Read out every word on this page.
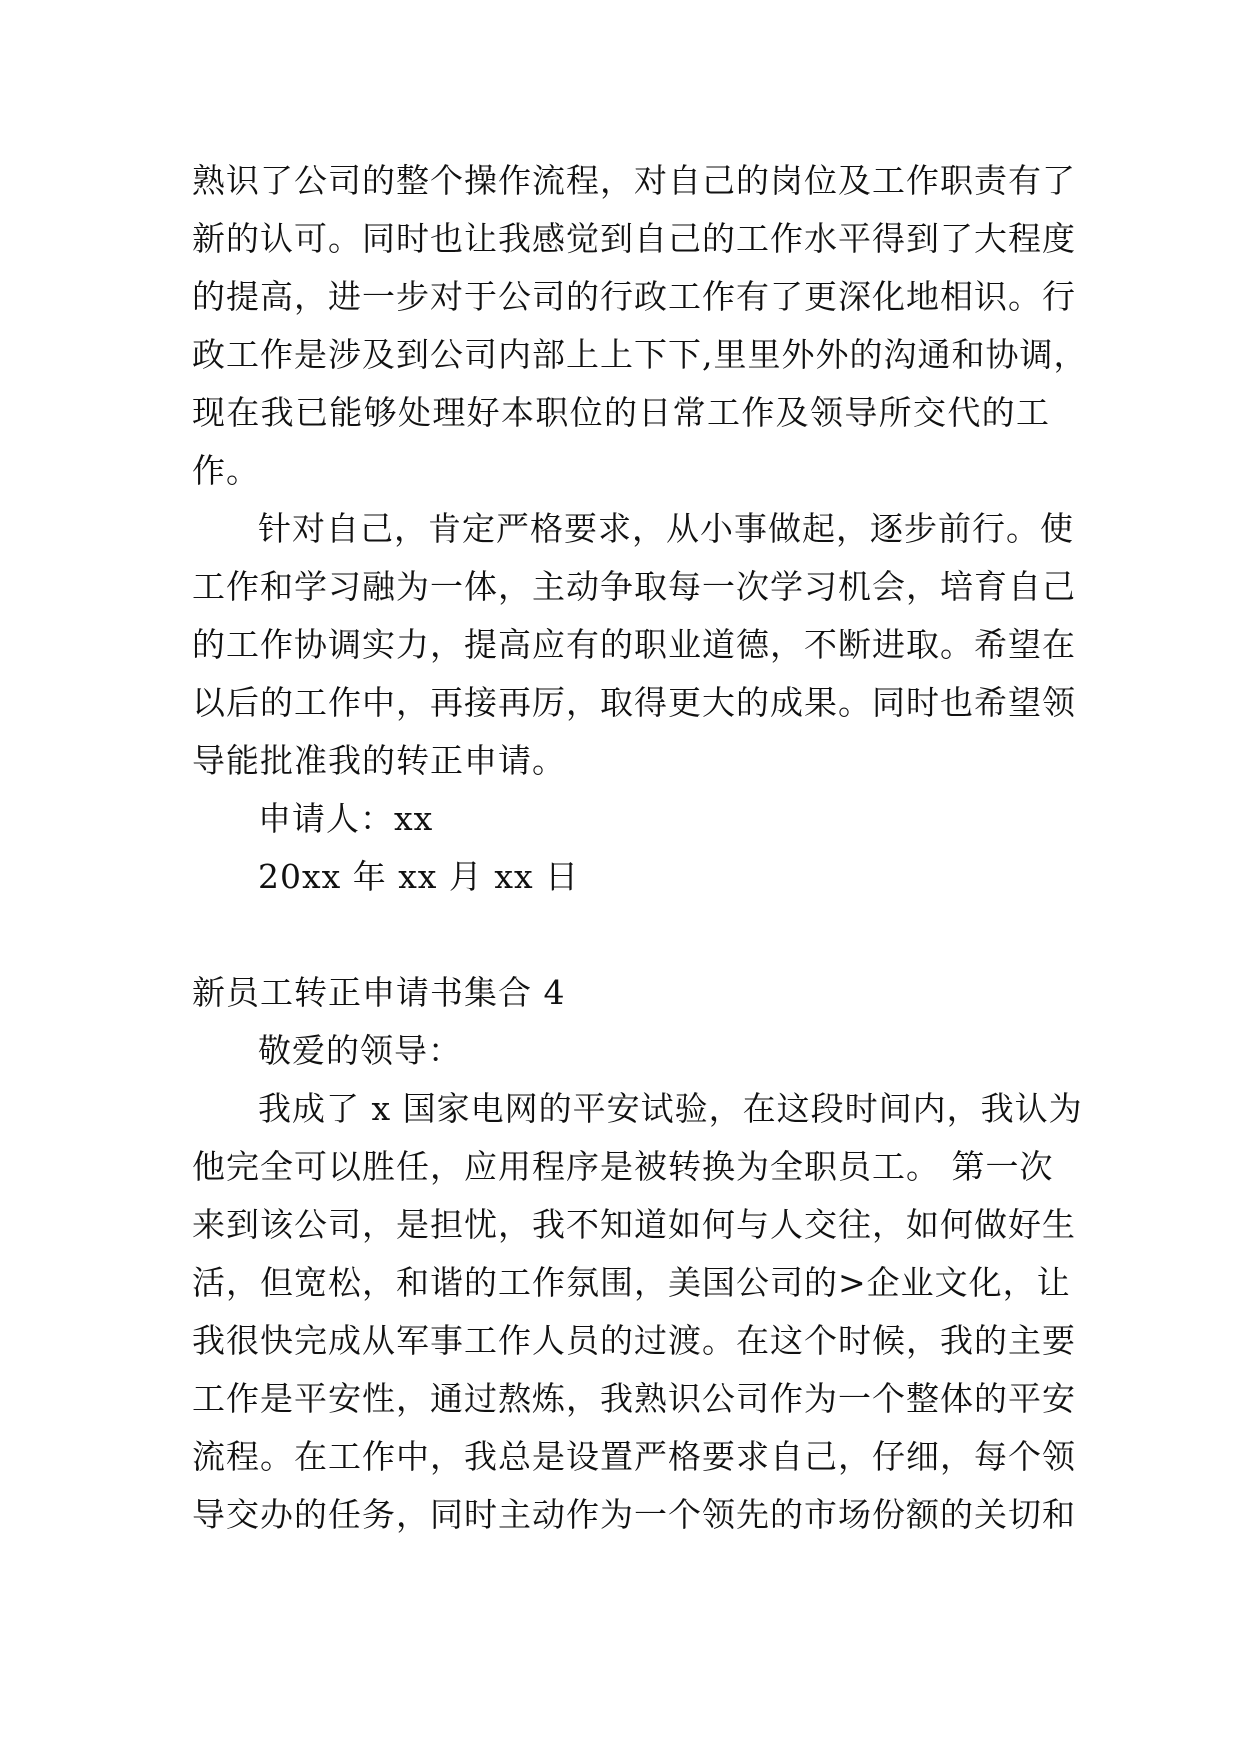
熟识了公司的整个操作流程，对自己的岗位及工作职责有了
新的认可。同时也让我感觉到自己的工作水平得到了大程度
的提高，进一步对于公司的行政工作有了更深化地相识。行
政工作是涉及到公司内部上上下下,里里外外的沟通和协调，
现在我已能够处理好本职位的日常工作及领导所交代的工
作。
针对自己，肯定严格要求，从小事做起，逐步前行。使
工作和学习融为一体，主动争取每一次学习机会，培育自己
的工作协调实力，提高应有的职业道德，不断进取。希望在
以后的工作中，再接再厉，取得更大的成果。同时也希望领
导能批准我的转正申请。
申请人：xx
20xx 年 xx 月 xx 日
新员工转正申请书集合 4
敬爱的领导：
我成了 x 国家电网的平安试验，在这段时间内，我认为
他完全可以胜任，应用程序是被转换为全职员工。 第一次
来到该公司，是担忧，我不知道如何与人交往，如何做好生
活，但宽松，和谐的工作氛围，美国公司的>企业文化，让
我很快完成从军事工作人员的过渡。在这个时候，我的主要
工作是平安性，通过熬炼，我熟识公司作为一个整体的平安
流程。在工作中，我总是设置严格要求自己，仔细，每个领
导交办的任务，同时主动作为一个领先的市场份额的关切和
